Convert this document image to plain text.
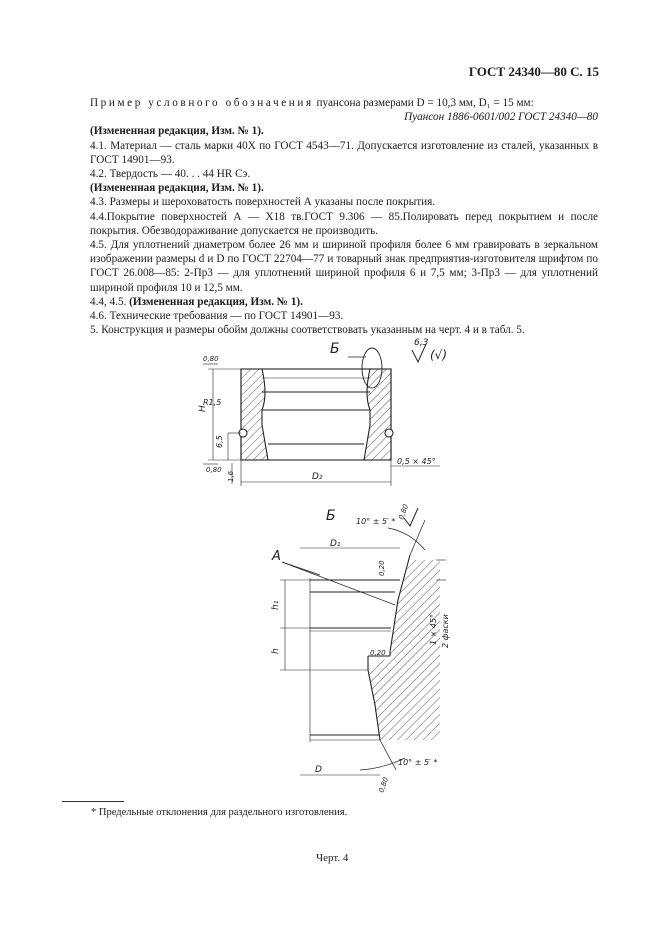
ГОСТ 24340—80 С. 15

Пример условного обозначения пуансона размерами D = 10,3 мм, D₁ = 15 мм:

Пуансон 1886-0601/002 ГОСТ 24340—80

(Измененная редакция, Изм. № 1).

4.1. Материал — сталь марки 40Х по ГОСТ 4543—71. Допускается изготовление из сталей, указанных в ГОСТ 14901—93.

4.2. Твердость — 40. . . 44 HR Cэ.

(Измененная редакция, Изм. № 1).

4.3. Размеры и шероховатость поверхностей А указаны после покрытия.

4.4.Покрытие поверхностей А — Х18 тв.ГОСТ 9.306 — 85.Полировать перед покрытием и после покрытия. Обезводораживание допускается не производить.

4.5. Для уплотнений диаметром более 26 мм и шириной профиля более 6 мм гравировать в зеркальном изображении размеры d и D по ГОСТ 22704—77 и товарный знак предприятия-изготовителя шрифтом по ГОСТ 26.008—85: 2-Пр3 — для уплотнений шириной профиля 6 и 7,5 мм; 3-Пр3 — для уплотнений шириной профиля 10 и 12,5 мм.

4.4, 4.5. (Измененная редакция, Изм. № 1).

4.6. Технические требования — по ГОСТ 14901—93.

5. Конструкция и размеры обойм должны соответствовать указанным на черт. 4 и в табл. 5.

6,3
(√)
Б
0,80
0,80
H
R1,5
6,5
1,6	D₂
0,5 × 45°
Б	10° ± 5′ *
0,80
А
D₁
0,20
0,20
h₁
h
1 × 45° 2 фаски
D
10° ± 5′ *
0,80
* Предельные отклонения для раздельного изготовления.
Черт. 4
